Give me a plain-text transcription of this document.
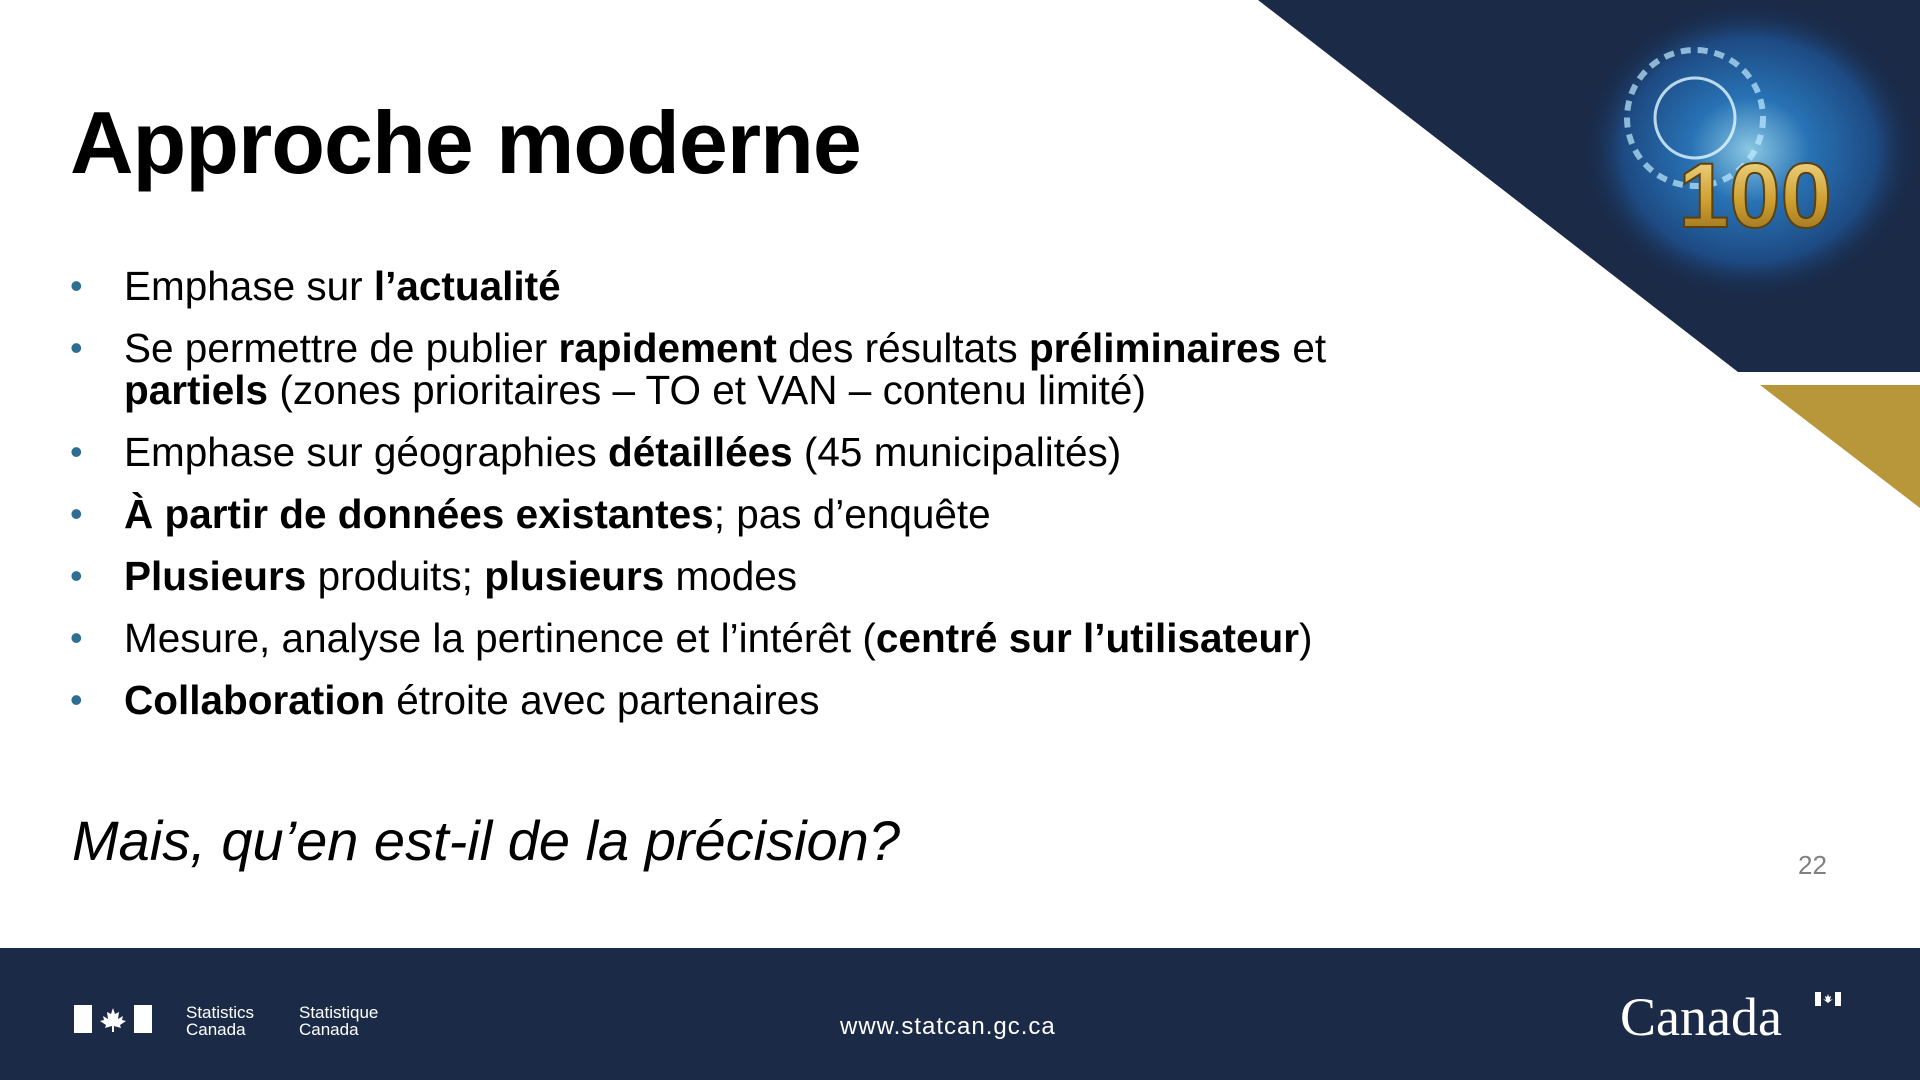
100
Approche moderne
•	Emphase sur l’actualité
•	Se permettre de publier rapidement des résultats préliminaires et partiels (zones prioritaires – TO et VAN – contenu limité)
•	Emphase sur géographies détaillées (45 municipalités)
•	À partir de données existantes; pas d’enquête
•	Plusieurs produits; plusieurs modes
•	Mesure, analyse la pertinence et l’intérêt (centré sur l’utilisateur)
•	Collaboration étroite avec partenaires
Mais, qu’en est-il de la précision?	22
Statistics
Canada
Statistique
Canada	www.statcan.gc.ca	Canada
